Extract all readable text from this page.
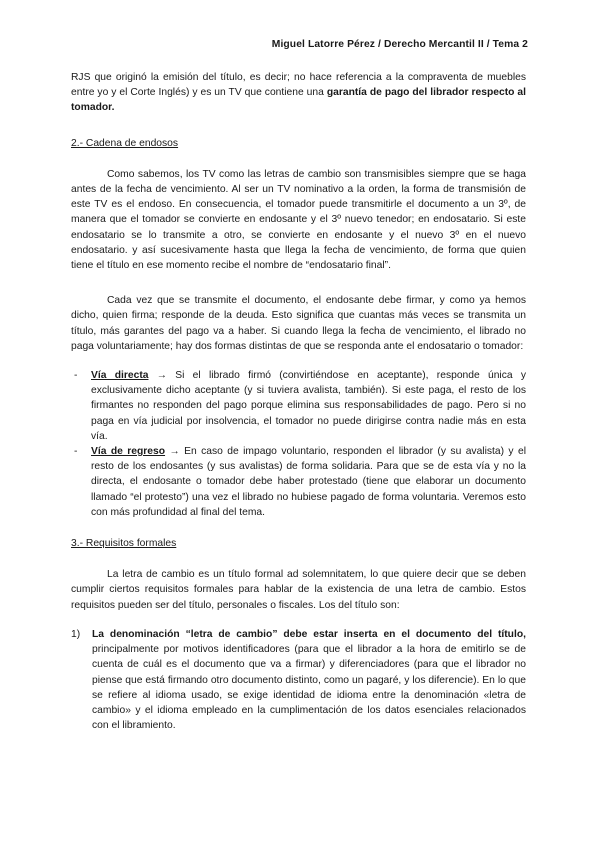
Miguel Latorre Pérez / Derecho Mercantil II / Tema 2

RJS que originó la emisión del título, es decir; no hace referencia a la compraventa de muebles entre yo y el Corte Inglés) y es un TV que contiene una garantía de pago del librador respecto al tomador.

2.- Cadena de endosos

Como sabemos, los TV como las letras de cambio son transmisibles siempre que se haga antes de la fecha de vencimiento. Al ser un TV nominativo a la orden, la forma de transmisión de este TV es el endoso. En consecuencia, el tomador puede transmitirle el documento a un 3º, de manera que el tomador se convierte en endosante y el 3º nuevo tenedor; en endosatario. Si este endosatario se lo transmite a otro, se convierte en endosante y el nuevo 3º en el nuevo endosatario. y así sucesivamente hasta que llega la fecha de vencimiento, de forma que quien tiene el título en ese momento recibe el nombre de “endosatario final”.

Cada vez que se transmite el documento, el endosante debe firmar, y como ya hemos dicho, quien firma; responde de la deuda. Esto significa que cuantas más veces se transmita un título, más garantes del pago va a haber. Si cuando llega la fecha de vencimiento, el librado no paga voluntariamente; hay dos formas distintas de que se responda ante el endosatario o tomador:

- Vía directa → Si el librado firmó (convirtiéndose en aceptante), responde única y exclusivamente dicho aceptante (y si tuviera avalista, también). Si este paga, el resto de los firmantes no responden del pago porque elimina sus responsabilidades de pago. Pero si no paga en vía judicial por insolvencia, el tomador no puede dirigirse contra nadie más en esta vía.
- Vía de regreso → En caso de impago voluntario, responden el librador (y su avalista) y el resto de los endosantes (y sus avalistas) de forma solidaria. Para que se de esta vía y no la directa, el endosante o tomador debe haber protestado (tiene que elaborar un documento llamado “el protesto”) una vez el librado no hubiese pagado de forma voluntaria. Veremos esto con más profundidad al final del tema.

3.- Requisitos formales

La letra de cambio es un título formal ad solemnitatem, lo que quiere decir que se deben cumplir ciertos requisitos formales para hablar de la existencia de una letra de cambio. Estos requisitos pueden ser del título, personales o fiscales. Los del título son:

1) La denominación “letra de cambio” debe estar inserta en el documento del título, principalmente por motivos identificadores (para que el librador a la hora de emitirlo se de cuenta de cuál es el documento que va a firmar) y diferenciadores (para que el librador no piense que está firmando otro documento distinto, como un pagaré, y los diferencie). En lo que se refiere al idioma usado, se exige identidad de idioma entre la denominación «letra de cambio» y el idioma empleado en la cumplimentación de los datos esenciales relacionados con el libramiento.
